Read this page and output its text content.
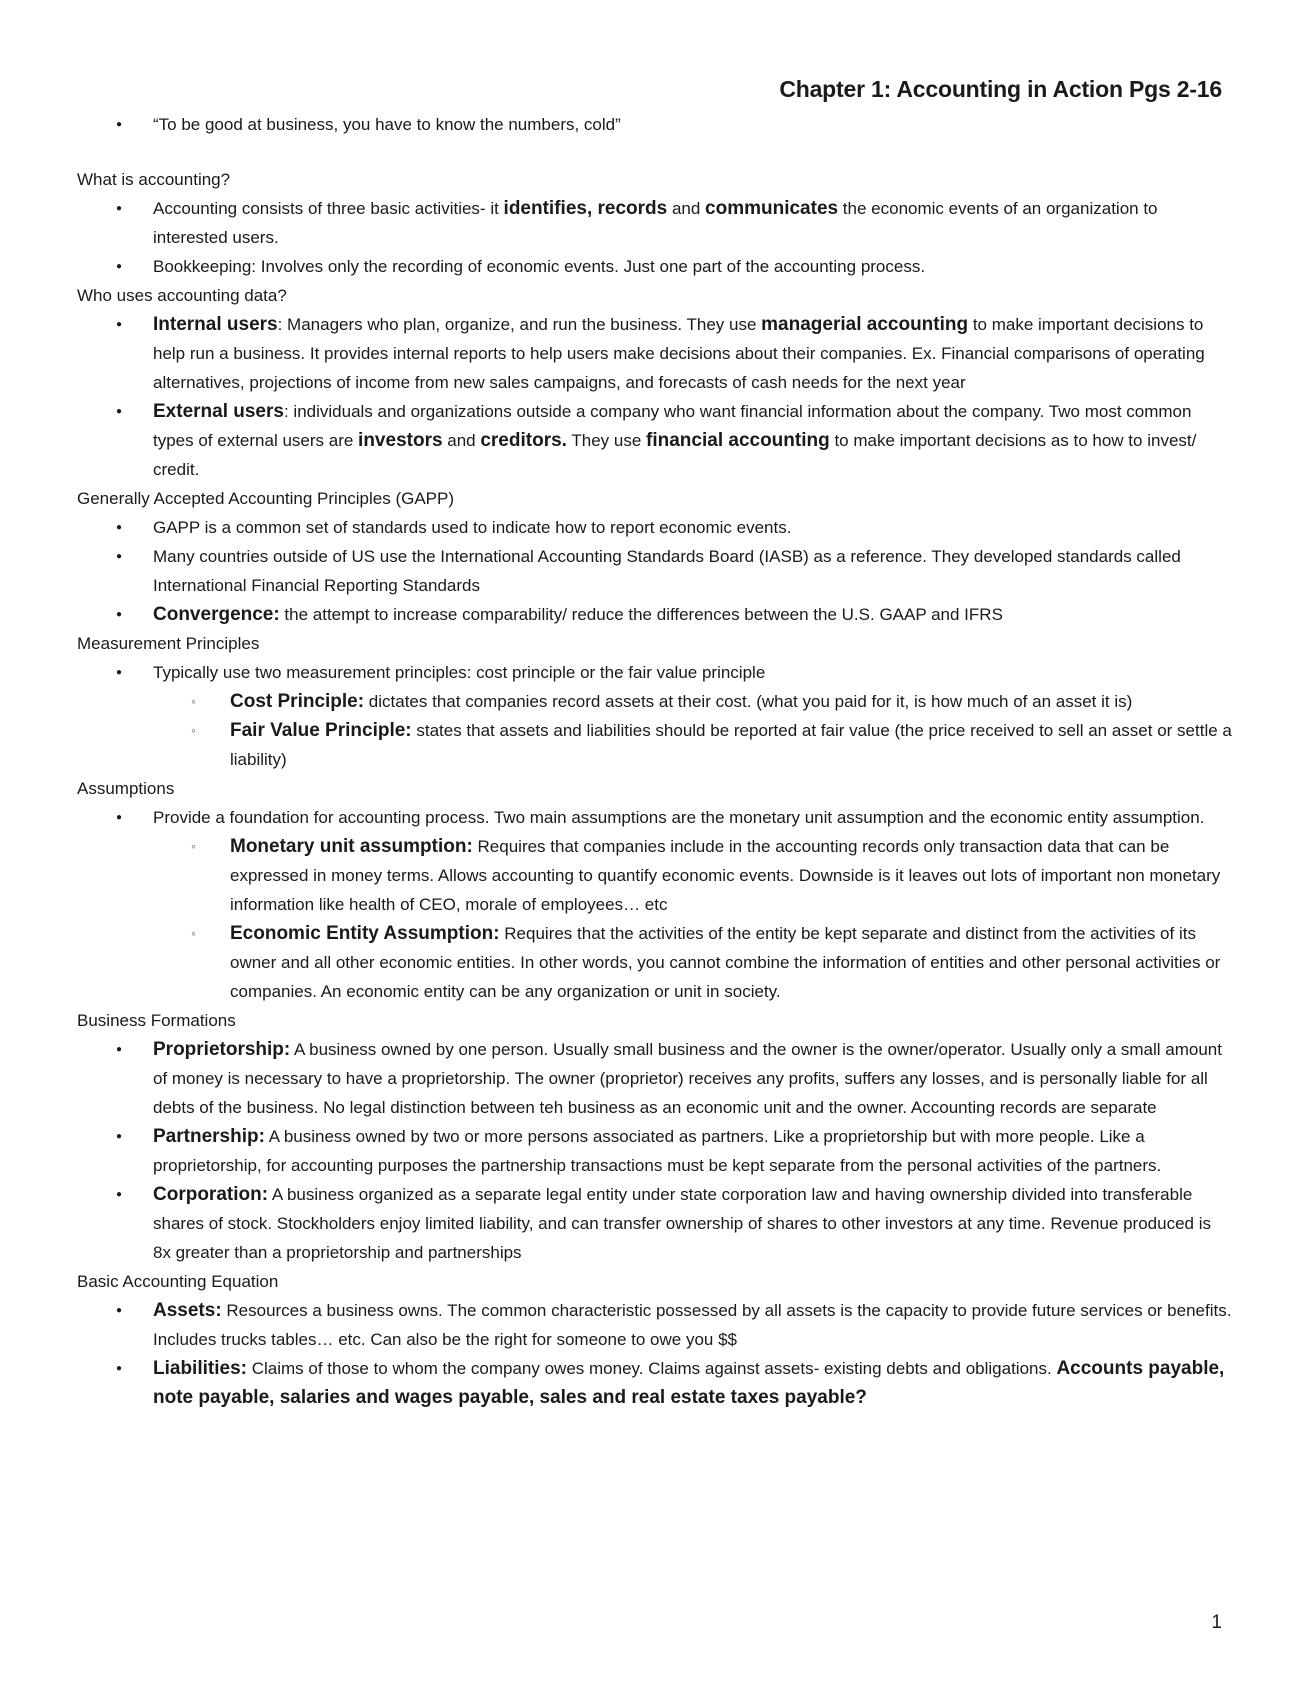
Chapter 1: Accounting in Action Pgs 2-16
● “To be good at business, you have to know the numbers, cold”
What is accounting?
● Accounting consists of three basic activities- it identifies, records and communicates the economic events of an organization to interested users.
● Bookkeeping: Involves only the recording of economic events. Just one part of the accounting process.
Who uses accounting data?
● Internal users: Managers who plan, organize, and run the business. They use managerial accounting to make important decisions to help run a business. It provides internal reports to help users make decisions about their companies. Ex. Financial comparisons of operating alternatives, projections of income from new sales campaigns, and forecasts of cash needs for the next year
● External users: individuals and organizations outside a company who want financial information about the company. Two most common types of external users are investors and creditors. They use financial accounting to make important decisions as to how to invest/ credit.
Generally Accepted Accounting Principles (GAPP)
● GAPP is a common set of standards used to indicate how to report economic events.
● Many countries outside of US use the International Accounting Standards Board (IASB) as a reference. They developed standards called International Financial Reporting Standards
● Convergence: the attempt to increase comparability/ reduce the differences between the U.S. GAAP and IFRS
Measurement Principles
● Typically use two measurement principles: cost principle or the fair value principle
◦ Cost Principle: dictates that companies record assets at their cost. (what you paid for it, is how much of an asset it is)
◦ Fair Value Principle: states that assets and liabilities should be reported at fair value (the price received to sell an asset or settle a liability)
Assumptions
● Provide a foundation for accounting process. Two main assumptions are the monetary unit assumption and the economic entity assumption.
◦ Monetary unit assumption: Requires that companies include in the accounting records only transaction data that can be expressed in money terms. Allows accounting to quantify economic events. Downside is it leaves out lots of important non monetary information like health of CEO, morale of employees… etc
◦ Economic Entity Assumption: Requires that the activities of the entity be kept separate and distinct from the activities of its owner and all other economic entities. In other words, you cannot combine the information of entities and other personal activities or companies. An economic entity can be any organization or unit in society.
Business Formations
● Proprietorship: A business owned by one person. Usually small business and the owner is the owner/operator. Usually only a small amount of money is necessary to have a proprietorship. The owner (proprietor) receives any profits, suffers any losses, and is personally liable for all debts of the business. No legal distinction between teh business as an economic unit and the owner. Accounting records are separate
● Partnership: A business owned by two or more persons associated as partners. Like a proprietorship but with more people. Like a proprietorship, for accounting purposes the partnership transactions must be kept separate from the personal activities of the partners.
● Corporation: A business organized as a separate legal entity under state corporation law and having ownership divided into transferable shares of stock. Stockholders enjoy limited liability, and can transfer ownership of shares to other investors at any time. Revenue produced is 8x greater than a proprietorship and partnerships
Basic Accounting Equation
● Assets: Resources a business owns. The common characteristic possessed by all assets is the capacity to provide future services or benefits. Includes trucks tables… etc. Can also be the right for someone to owe you $$
● Liabilities: Claims of those to whom the company owes money. Claims against assets- existing debts and obligations. Accounts payable, note payable, salaries and wages payable, sales and real estate taxes payable?
1
